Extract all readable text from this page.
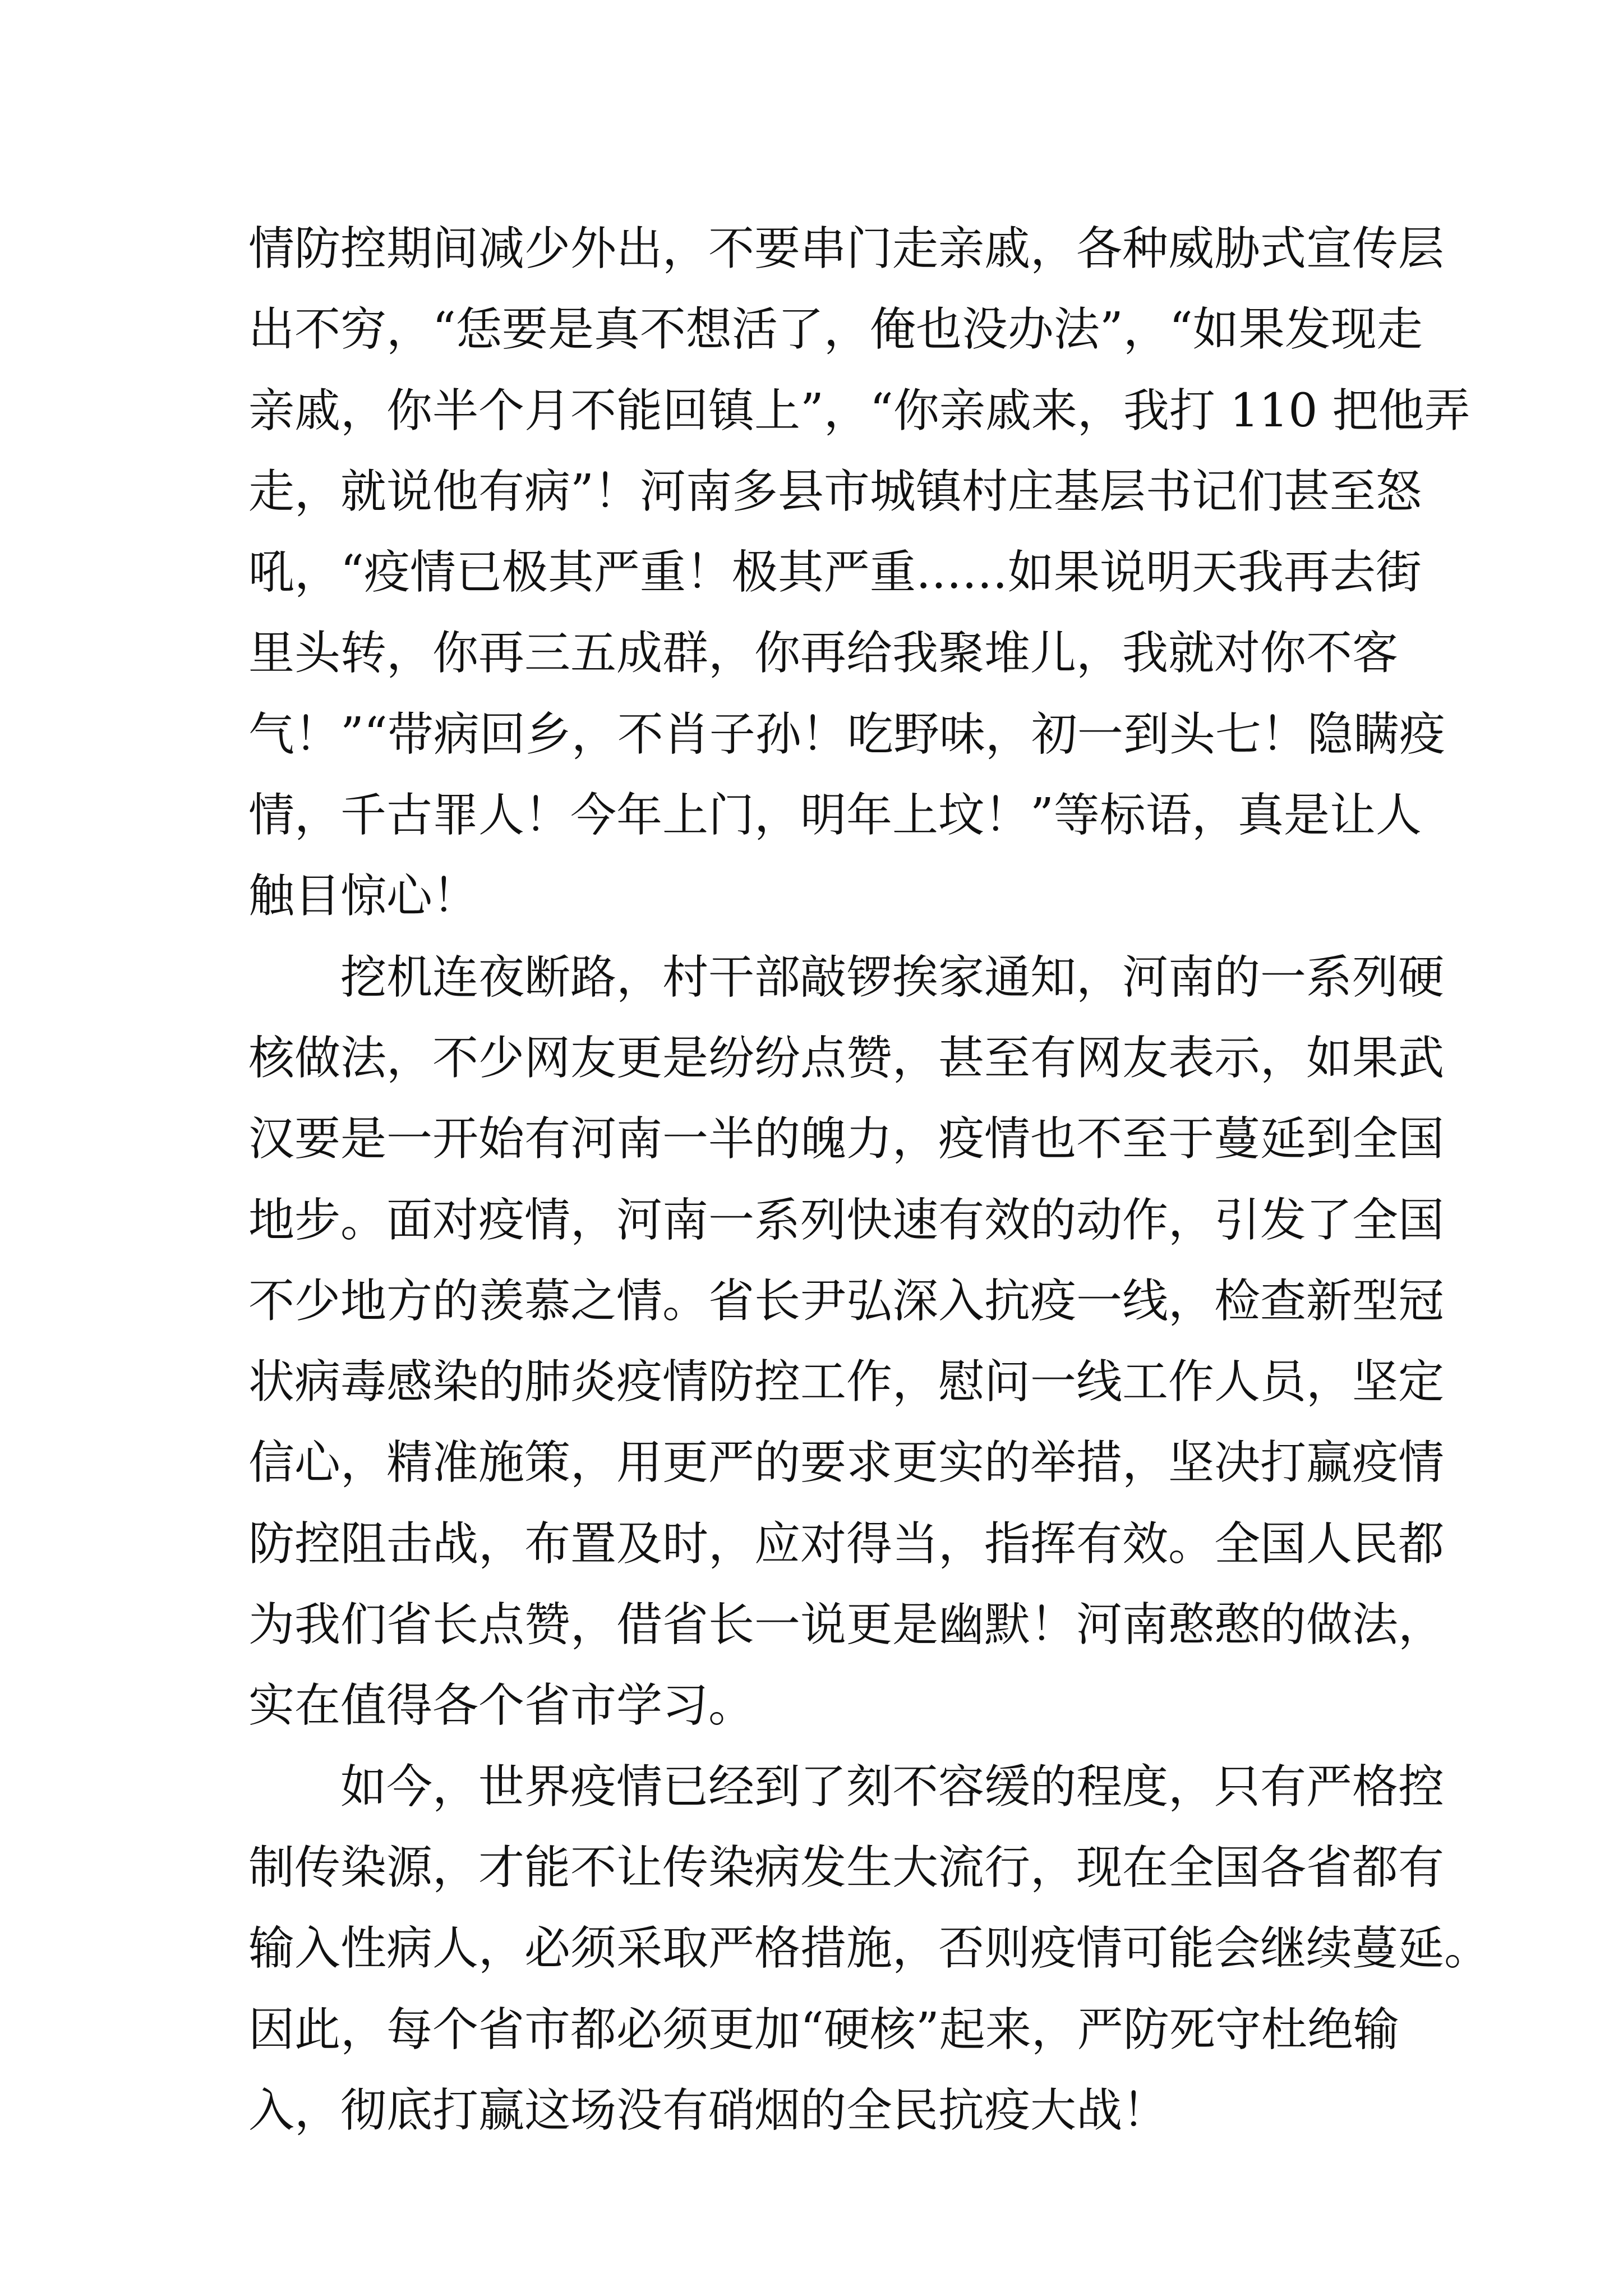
情防控期间减少外出，不要串门走亲戚，各种威胁式宣传层
出不穷，“恁要是真不想活了，俺也没办法”，“如果发现走
亲戚，你半个月不能回镇上”，“你亲戚来，我打 110 把他弄
走，就说他有病”！河南多县市城镇村庄基层书记们甚至怒
吼，“疫情已极其严重！极其严重……如果说明天我再去街
里头转，你再三五成群，你再给我聚堆儿，我就对你不客
气！”“带病回乡，不肖子孙！吃野味，初一到头七！隐瞒疫
情，千古罪人！今年上门，明年上坟！”等标语，真是让人
触目惊心！
挖机连夜断路，村干部敲锣挨家通知，河南的一系列硬
核做法，不少网友更是纷纷点赞，甚至有网友表示，如果武
汉要是一开始有河南一半的魄力，疫情也不至于蔓延到全国
地步。面对疫情，河南一系列快速有效的动作，引发了全国
不少地方的羡慕之情。省长尹弘深入抗疫一线，检查新型冠
状病毒感染的肺炎疫情防控工作，慰问一线工作人员，坚定
信心，精准施策，用更严的要求更实的举措，坚决打赢疫情
防控阻击战，布置及时，应对得当，指挥有效。全国人民都
为我们省长点赞，借省长一说更是幽默！河南憨憨的做法，
实在值得各个省市学习。
如今，世界疫情已经到了刻不容缓的程度，只有严格控
制传染源，才能不让传染病发生大流行，现在全国各省都有
输入性病人，必须采取严格措施，否则疫情可能会继续蔓延。
因此，每个省市都必须更加“硬核”起来，严防死守杜绝输
入，彻底打赢这场没有硝烟的全民抗疫大战！
